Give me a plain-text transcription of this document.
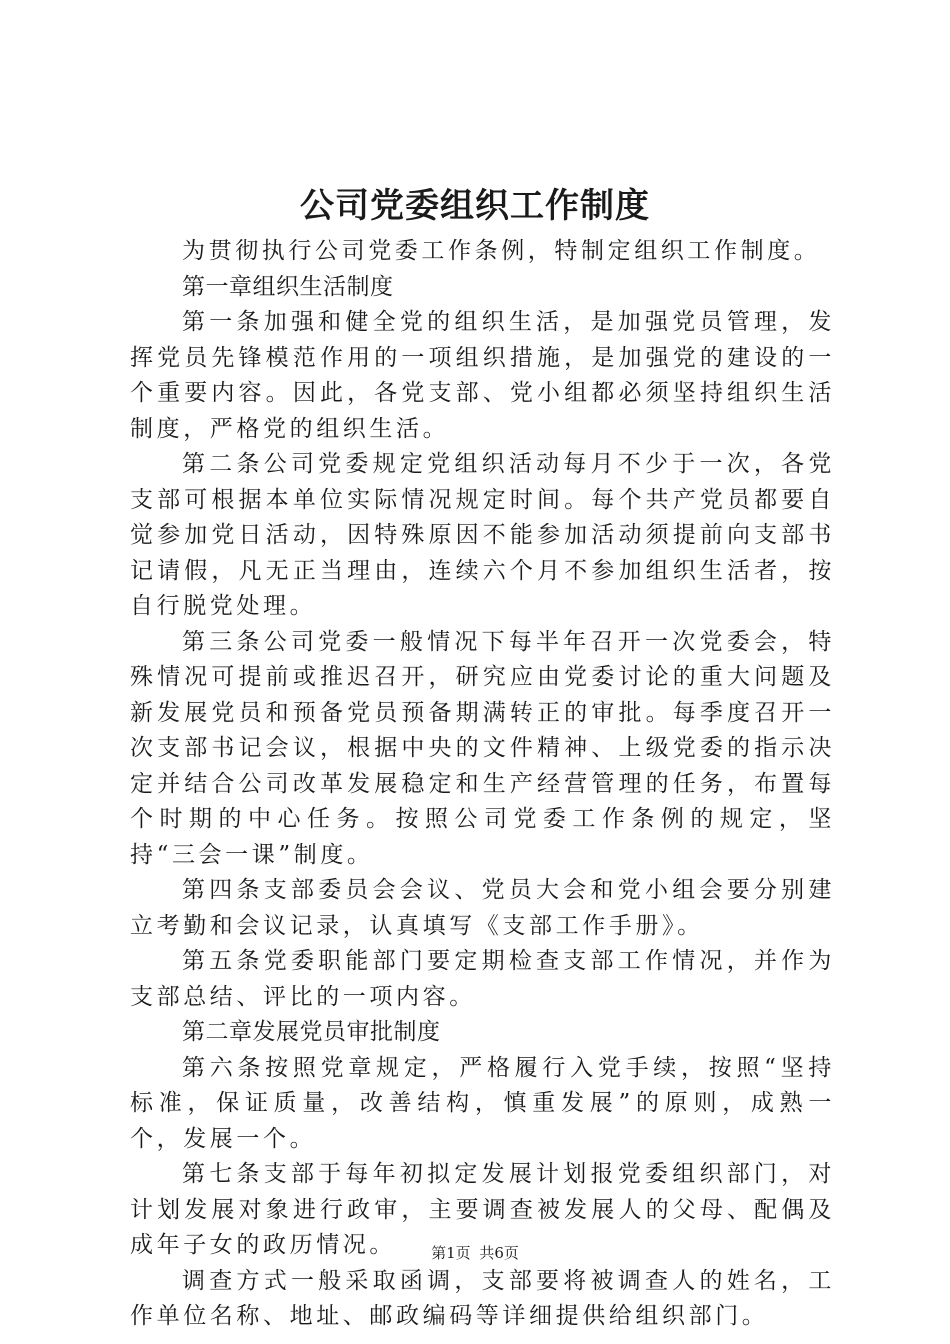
公司党委组织工作制度

为贯彻执行公司党委工作条例，特制定组织工作制度。

第一章组织生活制度

第一条加强和健全党的组织生活，是加强党员管理，发挥党员先锋模范作用的一项组织措施，是加强党的建设的一个重要内容。因此，各党支部、党小组都必须坚持组织生活制度，严格党的组织生活。

第二条公司党委规定党组织活动每月不少于一次，各党支部可根据本单位实际情况规定时间。每个共产党员都要自觉参加党日活动，因特殊原因不能参加活动须提前向支部书记请假，凡无正当理由，连续六个月不参加组织生活者，按自行脱党处理。

第三条公司党委一般情况下每半年召开一次党委会，特殊情况可提前或推迟召开，研究应由党委讨论的重大问题及新发展党员和预备党员预备期满转正的审批。每季度召开一次支部书记会议，根据中央的文件精神、上级党委的指示决定并结合公司改革发展稳定和生产经营管理的任务，布置每个时期的中心任务。按照公司党委工作条例的规定，坚持“三会一课”制度。

第四条支部委员会会议、党员大会和党小组会要分别建立考勤和会议记录，认真填写《支部工作手册》。

第五条党委职能部门要定期检查支部工作情况，并作为支部总结、评比的一项内容。

第二章发展党员审批制度

第六条按照党章规定，严格履行入党手续，按照“坚持标准，保证质量，改善结构，慎重发展”的原则，成熟一个，发展一个。

第七条支部于每年初拟定发展计划报党委组织部门，对计划发展对象进行政审，主要调查被发展人的父母、配偶及成年子女的政历情况。

调查方式一般采取函调，支部要将被调查人的姓名，工作单位名称、地址、邮政编码等详细提供给组织部门。

第1页 共6页
